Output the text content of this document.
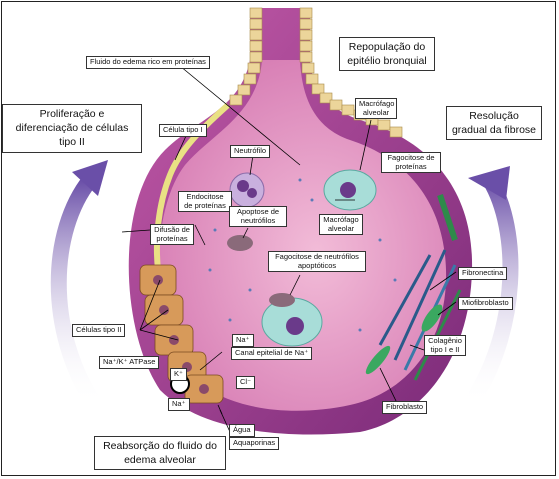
Repopulação do epitélio bronquial
Fluido do edema rico em proteínas
Proliferação e diferenciação de células tipo II
Resolução gradual da fibrose
Célula tipo I
Neutrófilo
Macrófago alveolar
Fagocitose de proteínas
Endocitose de proteínas
Apoptose de neutrófilos	Macrófago alveolar
Difusão de proteínas
Fagocitose de neutrófilos apoptóticos
Fibronectina
Miofibroblasto
Células tipo II
Na⁺
Canal epitelial de Na⁺
Na⁺/K⁺ ATPase
K⁺
Cl⁻
Na⁺
Colagênio tipo I e II
Fibroblasto
Água
Aquaporinas
Reabsorção do fluido do edema alveolar
